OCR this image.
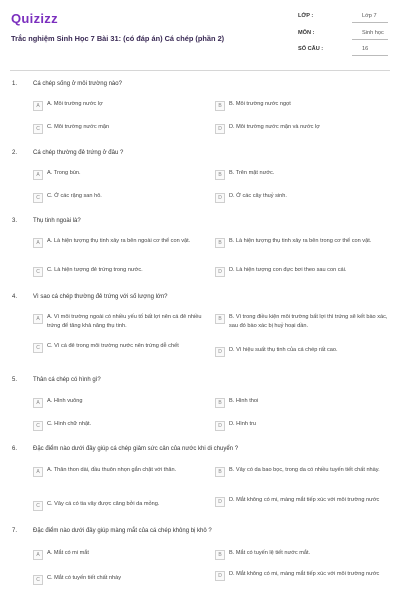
Quizizz
Trắc nghiệm Sinh Học 7 Bài 31: (có đáp án) Cá chép (phần 2)
LỚP :	Lớp 7
MÔN :	Sinh học
SỐ CÂU :	16
1.	Cá chép sống ở môi trường nào?
A	A. Môi trường nước lợ	B	B. Môi trường nước ngọt
C	C. Môi trường nước mặn	D	D. Môi trường nước mặn và nước lợ
2.	Cá chép thường đẻ trứng ở đâu ?
A	A. Trong bùn.	B	B. Trên mặt nước.
C	C. Ở các rặng san hô.	D	D. Ở các cây thuỷ sinh.
3.	Thụ tinh ngoài là?
A	A. Là hiện tượng thụ tinh xảy ra bên ngoài cơ thể con vật.	B	B. Là hiện tượng thụ tinh xảy ra bên trong cơ thể con vật.
C	C. Là hiện tượng đẻ trứng trong nước.	D	D. Là hiện tượng con đực bơi theo sau con cái.
4.	Vì sao cá chép thường đẻ trứng với số lượng lớn?
A	A. Vì môi trường ngoài có nhiều yếu tố bất lợi nên cá đẻ nhiều trứng để tăng khả năng thụ tinh.
B	B. Vì trong điều kiện môi trường bất lợi thì trứng sẽ kết bào xác, sau đó bào xác bị huỷ hoại dần.
C	C. Vì cá đẻ trong môi trường nước nên trứng dễ chết
D	D. Vì hiệu suất thụ tinh của cá chép rất cao.
5.	Thân cá chép có hình gì?
A	A. Hình vuông	B	B. Hình thoi
C	C. Hình chữ nhật.	D	D. Hình tru
6.	Đặc điểm nào dưới đây giúp cá chép giảm sức cản của nước khi di chuyển ?
A	A. Thân thon dài, đầu thuôn nhọn gắn chặt với thân.	B	B. Vảy có da bao bọc, trong da có nhiều tuyến tiết chất nhày.
C	C. Vây cá có tia vây được căng bởi da mỏng.	D	D. Mắt không có mi, màng mắt tiếp xúc với môi trường nước
7.	Đặc điểm nào dưới đây giúp màng mắt của cá chép không bị khô ?
A	A. Mắt có mi mắt	B	B. Mắt có tuyến lệ tiết nước mắt.
C	C. Mắt có tuyến tiết chất nhày	D	D. Mắt không có mi, màng mắt tiếp xúc với môi trường nước
